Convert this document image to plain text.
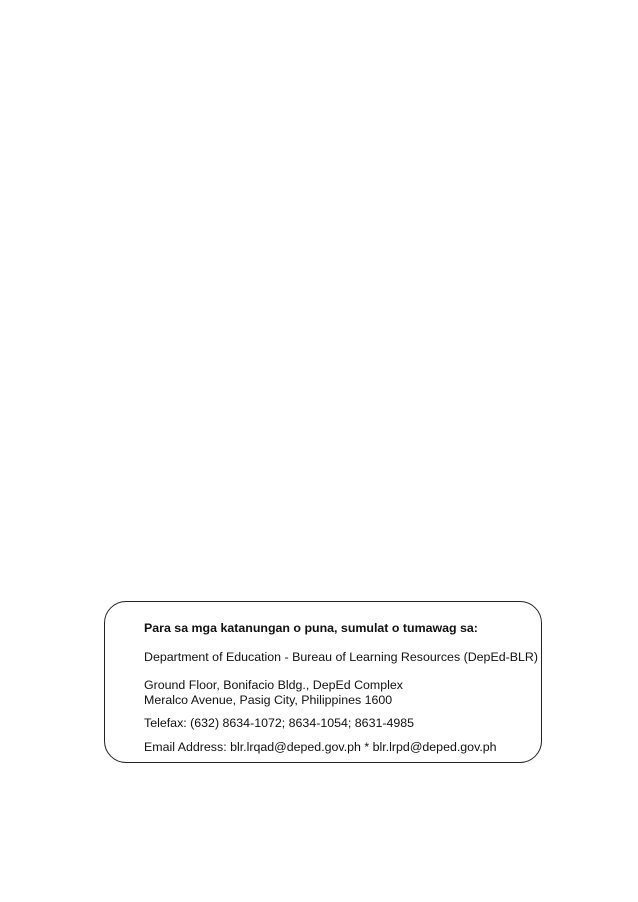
Para sa mga katanungan o puna, sumulat o tumawag sa:

Department of Education - Bureau of Learning Resources (DepEd-BLR)

Ground Floor, Bonifacio Bldg., DepEd Complex

Meralco Avenue, Pasig City, Philippines 1600

Telefax: (632) 8634-1072; 8634-1054; 8631-4985

Email Address: blr.lrqad@deped.gov.ph * blr.lrpd@deped.gov.ph
